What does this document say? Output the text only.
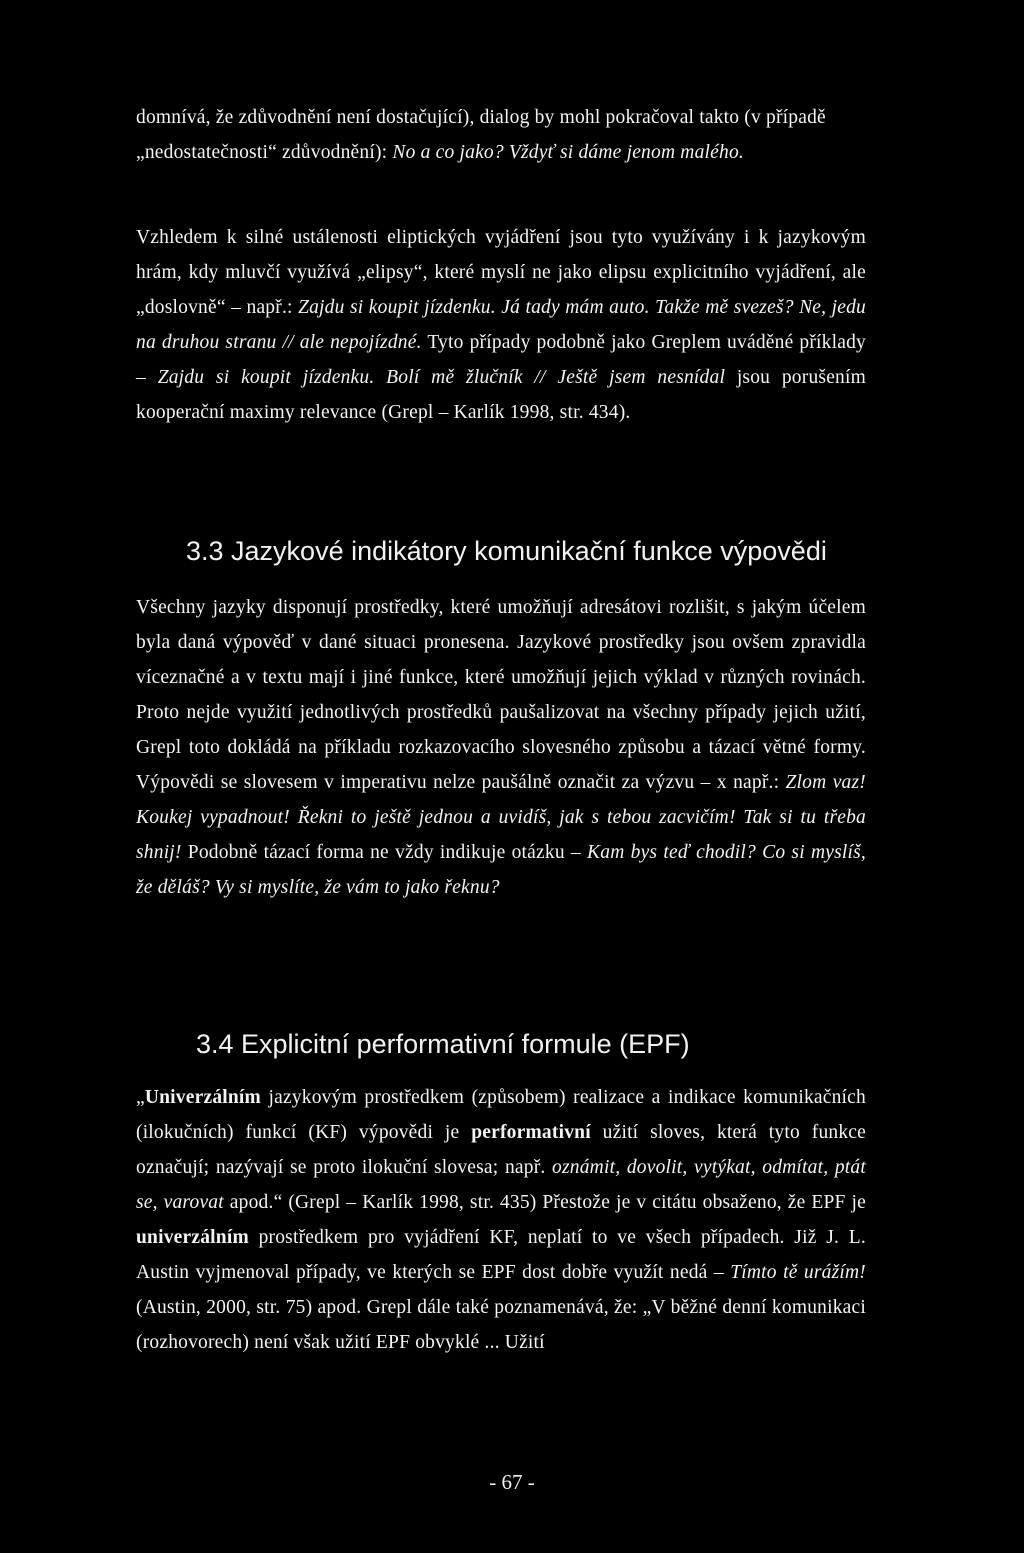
domnívá, že zdůvodnění není dostačující), dialog by mohl pokračoval takto (v případě „nedostatečnosti“ zdůvodnění): No a co jako? Vždyť si dáme jenom malého.

Vzhledem k silné ustálenosti eliptických vyjádření jsou tyto využívány i k jazykovým hrám, kdy mluvčí využívá „elipsy“, které myslí ne jako elipsu explicitního vyjádření, ale „doslovně“ – např.: Zajdu si koupit jízdenku. Já tady mám auto. Takže mě svezeš? Ne, jedu na druhou stranu // ale nepojízdné. Tyto případy podobně jako Greplem uváděné příklady – Zajdu si koupit jízdenku. Bolí mě žlučník // Ještě jsem nesnídal jsou porušením kooperační maximy relevance (Grepl – Karlík 1998, str. 434).

3.3 Jazykové indikátory komunikační funkce výpovědi

Všechny jazyky disponují prostředky, které umožňují adresátovi rozlišit, s jakým účelem byla daná výpověď v dané situaci pronesena. Jazykové prostředky jsou ovšem zpravidla víceznačné a v textu mají i jiné funkce, které umožňují jejich výklad v různých rovinách. Proto nejde využití jednotlivých prostředků paušalizovat na všechny případy jejich užití, Grepl toto dokládá na příkladu rozkazovacího slovesného způsobu a tázací větné formy. Výpovědi se slovesem v imperativu nelze paušálně označit za výzvu – x např.: Zlom vaz! Koukej vypadnout! Řekni to ještě jednou a uvidíš, jak s tebou zacvičím! Tak si tu třeba shnij! Podobně tázací forma ne vždy indikuje otázku – Kam bys teď chodil? Co si myslíš, že děláš? Vy si myslíte, že vám to jako řeknu?

3.4 Explicitní performativní formule (EPF)

„Univerzálním jazykovým prostředkem (způsobem) realizace a indikace komunikačních (ilokučních) funkcí (KF) výpovědi je performativní užití sloves, která tyto funkce označují; nazývají se proto ilokuční slovesa; např. oznámit, dovolit, vytýkat, odmítat, ptát se, varovat apod.“ (Grepl – Karlík 1998, str. 435) Přestože je v citátu obsaženo, že EPF je univerzálním prostředkem pro vyjádření KF, neplatí to ve všech případech. Již J. L. Austin vyjmenoval případy, ve kterých se EPF dost dobře využít nedá – Tímto tě urážím! (Austin, 2000, str. 75) apod. Grepl dále také poznamenává, že: „V běžné denní komunikaci (rozhovorech) není však užití EPF obvyklé ... Užití

- 67 -
